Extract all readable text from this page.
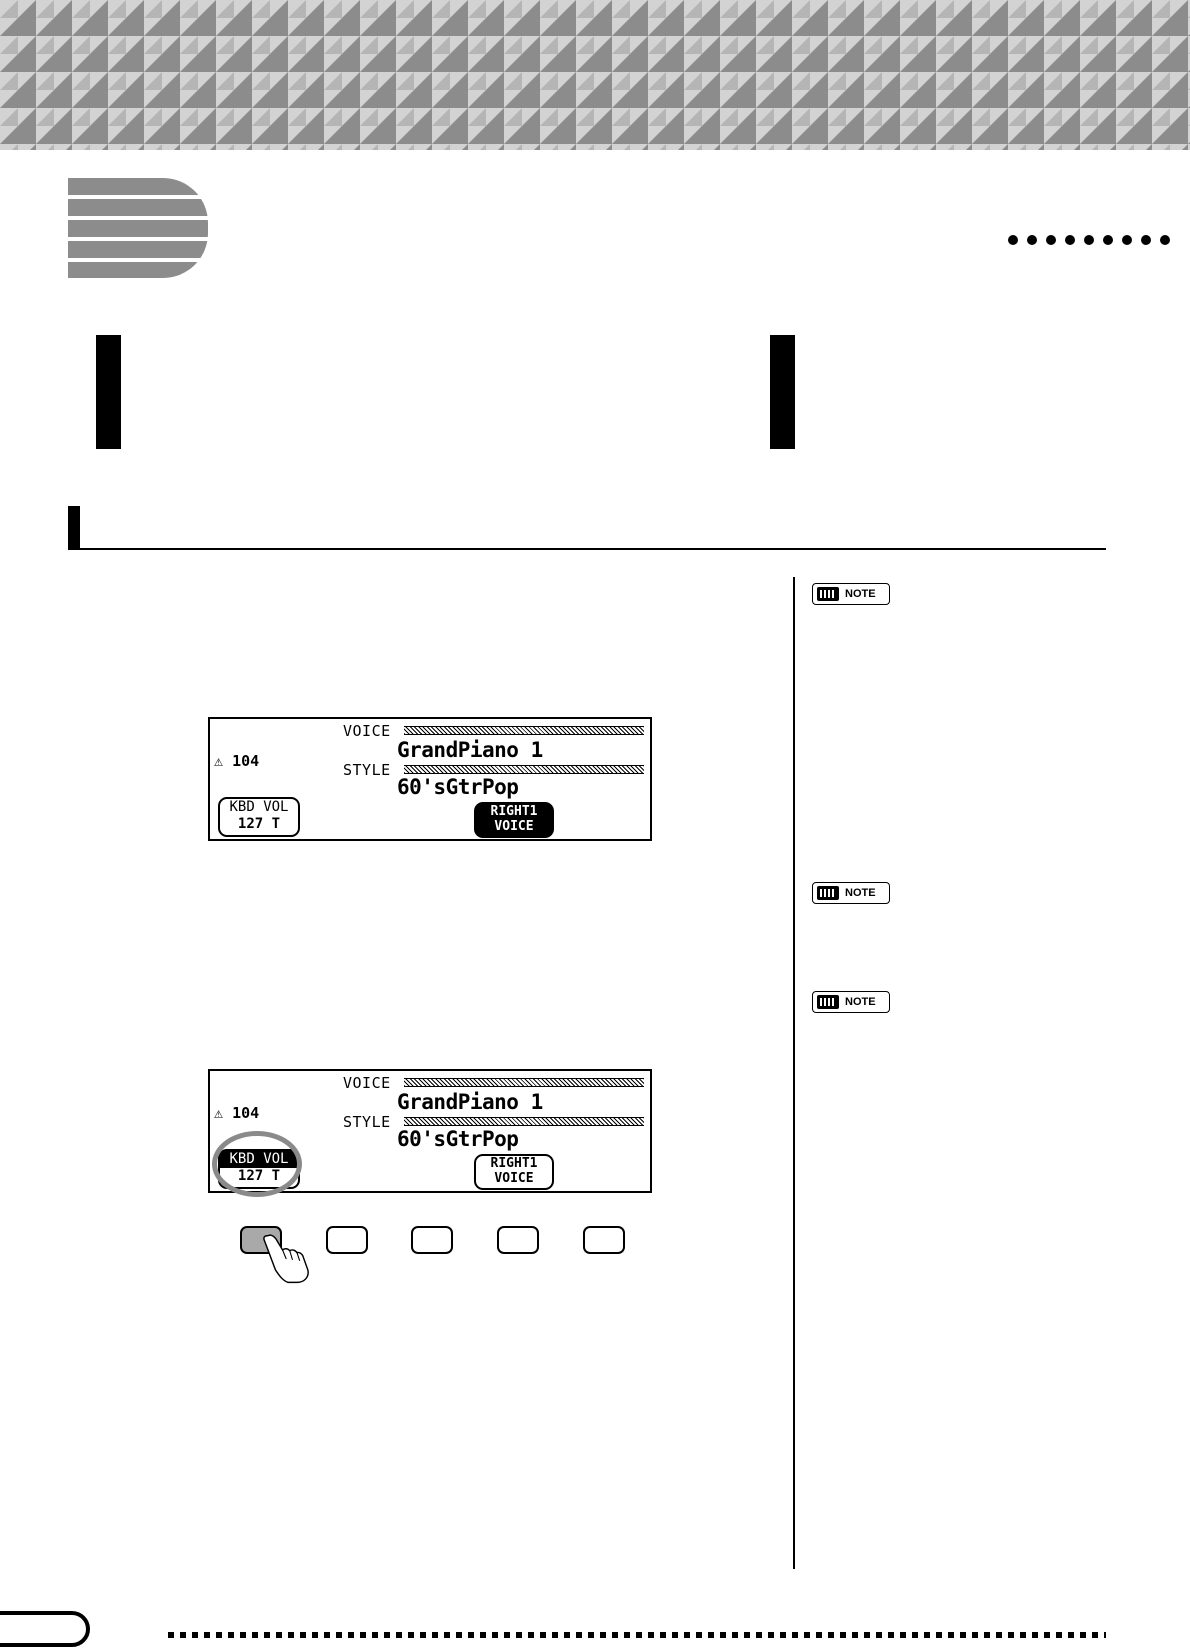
NOTE
NOTE
NOTE
VOICE
GrandPiano 1
⚠ 104	STYLE
60'sGtrPop
KBD VOL
127 T
RIGHT1
VOICE
VOICE
GrandPiano 1
⚠ 104	STYLE
60'sGtrPop
KBD VOL
127 T
RIGHT1
VOICE
